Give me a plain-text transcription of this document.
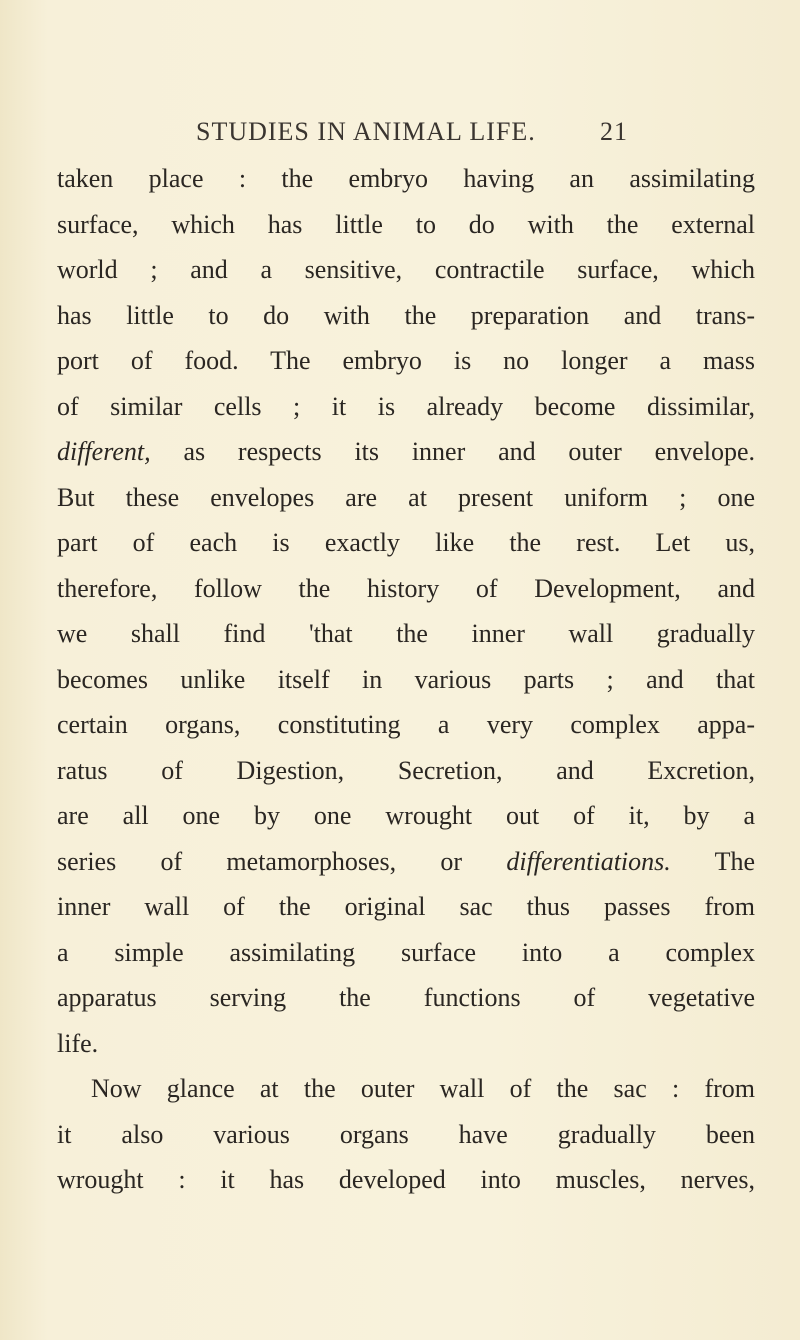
STUDIES IN ANIMAL LIFE. 21
taken place : the embryo having an assimilating
surface, which has little to do with the external
world ; and a sensitive, contractile surface, which
has little to do with the preparation and trans-
port of food. The embryo is no longer a mass
of similar cells ; it is already become dissimilar,
different, as respects its inner and outer envelope.
But these envelopes are at present uniform ; one
part of each is exactly like the rest. Let us,
therefore, follow the history of Development, and
we shall find 'that the inner wall gradually
becomes unlike itself in various parts ; and that
certain organs, constituting a very complex appa-
ratus of Digestion, Secretion, and Excretion,
are all one by one wrought out of it, by a
series of metamorphoses, or differentiations. The
inner wall of the original sac thus passes from
a simple assimilating surface into a complex
apparatus serving the functions of vegetative
life.
Now glance at the outer wall of the sac : from
it also various organs have gradually been
wrought : it has developed into muscles, nerves,
